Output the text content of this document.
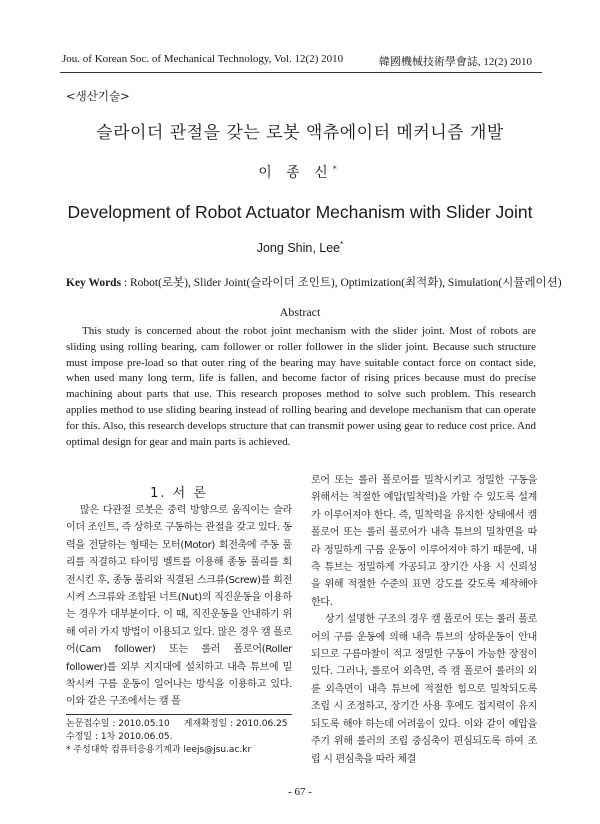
Jou. of Korean Soc. of Mechanical Technology, Vol. 12(2) 2010	韓國機械技術學會誌, 12(2) 2010
<생산기술>
슬라이더 관절을 갖는 로봇 액츄에이터 메커니즘 개발
이 종 신*
Development of Robot Actuator Mechanism with Slider Joint
Jong Shin, Lee*
Key Words : Robot(로봇), Slider Joint(슬라이더 조인트), Optimization(최적화), Simulation(시뮬레이션)
Abstract
This study is concerned about the robot joint mechanism with the slider joint. Most of robots are sliding using rolling bearing, cam follower or roller follower in the slider joint. Because such structure must impose pre-load so that outer ring of the bearing may have suitable contact force on contact side, when used many long term, life is fallen, and become factor of rising prices because must do precise machining about parts that use. This research proposes method to solve such problem. This research applies method to use sliding bearing instead of rolling bearing and develope mechanism that can operate for this. Also, this research develops structure that can transmit power using gear to reduce cost price. And optimal design for gear and main parts is achieved.
1. 서 론
많은 다관절 로봇은 중력 방향으로 움직이는 슬라이더 조인트, 즉 상하로 구동하는 관절을 갖고 있다. 동력을 전달하는 형태는 모터(Motor) 회전축에 주동 풀리를 직결하고 타이밍 벨트를 이용해 종동 풀리를 회전시킨 후, 종동 풀리와 직결된 스크류(Screw)를 회전시켜 스크류와 조합된 너트(Nut)의 직진운동을 이용하는 경우가 대부분이다. 이 때, 직진운동을 안내하기 위해 여러 가지 방법이 이용되고 있다. 많은 경우 캠 폴로어(Cam follower) 또는 롤러 폴로어(Roller follower)를 외부 지지대에 설치하고 내측 튜브에 밀착시켜 구름 운동이 일어나는 방식을 이용하고 있다. 이와 같은 구조에서는 캠 폴

로어 또는 롤러 폴로어를 밀착시키고 정밀한 구동을 위해서는 적절한 예압(밀착력)을 가할 수 있도록 설계가 이루어져야 한다. 즉, 밀착력을 유지한 상태에서 캠 폴로어 또는 롤러 폴로어가 내측 튜브의 밀착면을 따라 정밀하게 구름 운동이 이루어져야 하기 때문에, 내측 튜브는 정밀하게 가공되고 장기간 사용 시 신뢰성을 위해 적절한 수준의 표면 강도를 갖도록 제작해야 한다.

상기 설명한 구조의 경우 캠 폴로어 또는 롤러 폴로어의 구름 운동에 의해 내측 튜브의 상하운동이 안내되므로 구름마찰이 적고 정밀한 구동이 가능한 장점이 있다. 그러나, 롤로어 외측면, 즉 캠 폴로어 롤러의 외륜 외측면이 내측 튜브에 적절한 힘으로 밀착되도록 조립 시 조정하고, 장기간 사용 후에도 접지력이 유지되도록 해야 하는데 어려움이 있다. 이와 같이 예압을 주기 위해 롤러의 조립 중심축이 편심되도록 하여 조립 시 편심축을 따라 체결

논문접수일 : 2010.05.10 게재확정일 : 2010.06.25
수정일 : 1차 2010.06.05.
* 주성대학 컴퓨터응용기계과 leejs@jsu.ac.kr
- 67 -
